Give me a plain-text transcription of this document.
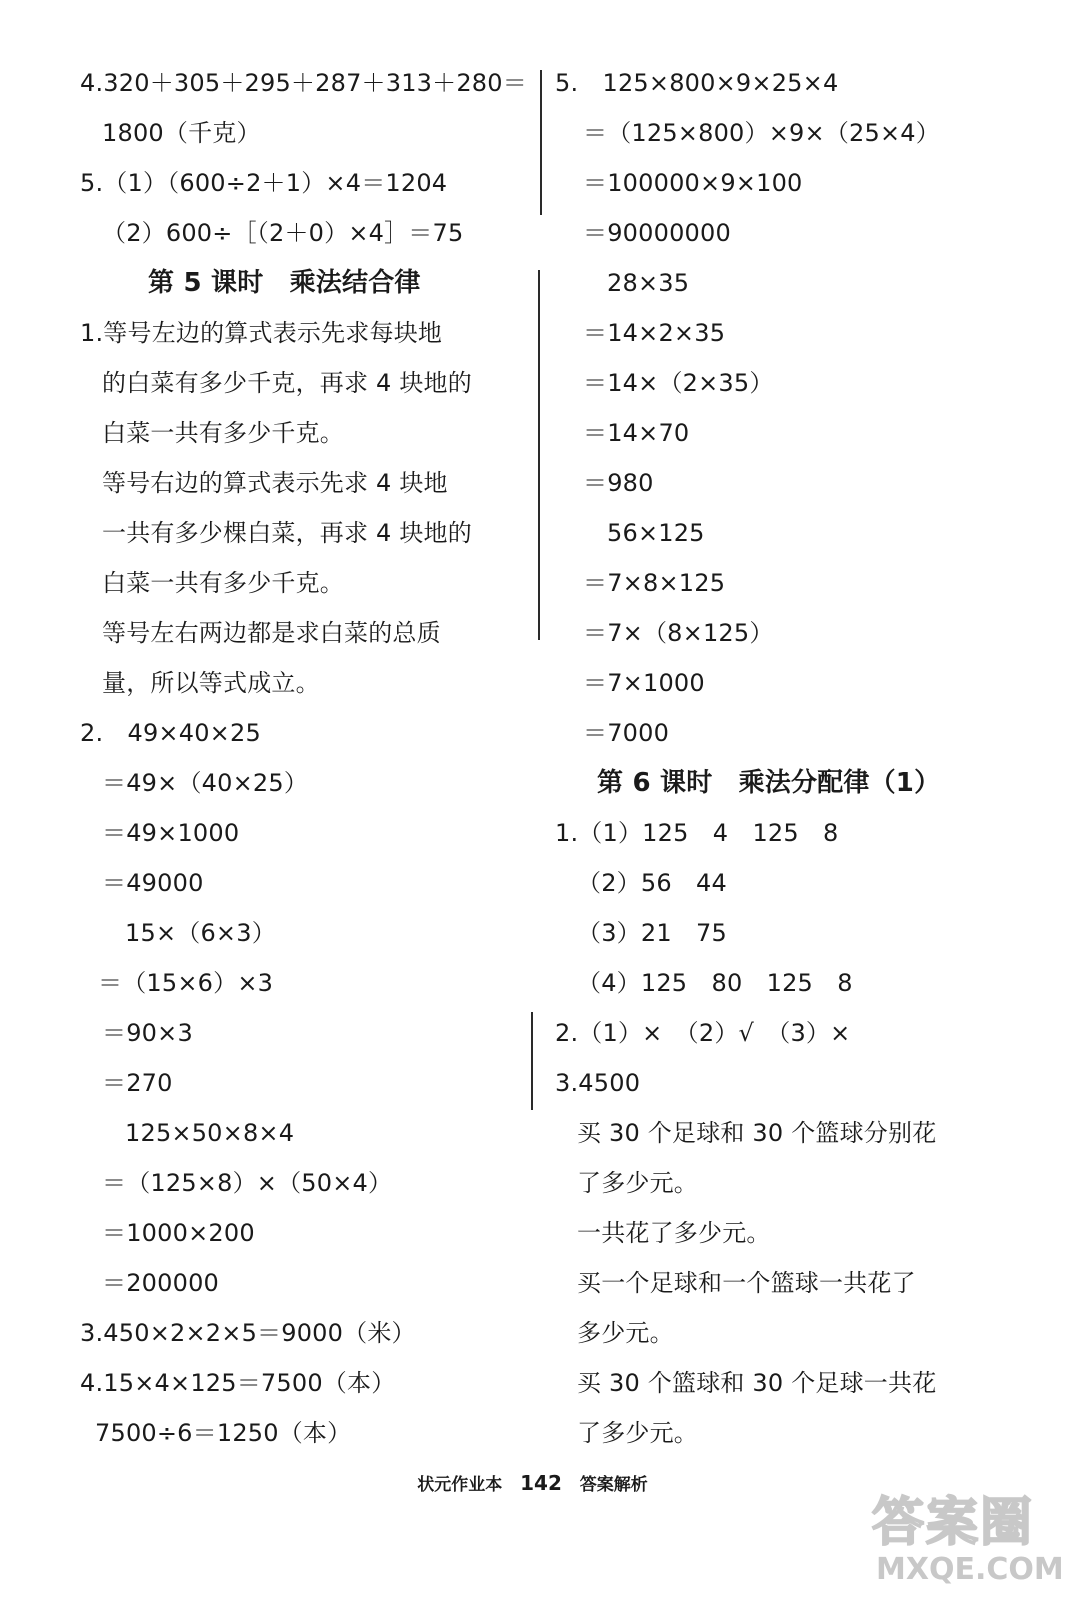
4.320＋305＋295＋287＋313＋280＝
1800（千克）
5.（1）（600÷2＋1）×4＝1204
（2）600÷［（2＋0）×4］＝75
第 5 课时　乘法结合律
1.等号左边的算式表示先求每块地
的白菜有多少千克，再求 4 块地的
白菜一共有多少千克。
等号右边的算式表示先求 4 块地
一共有多少棵白菜，再求 4 块地的
白菜一共有多少千克。
等号左右两边都是求白菜的总质
量，所以等式成立。
2.　49×40×25
＝49×（40×25）
＝49×1000
＝49000
15×（6×3）
＝（15×6）×3
＝90×3
＝270
125×50×8×4
＝（125×8）×（50×4）
＝1000×200
＝200000
3.450×2×2×5＝9000（米）
4.15×4×125＝7500（本）
7500÷6＝1250（本）
5.　125×800×9×25×4
＝（125×800）×9×（25×4）
＝100000×9×100
＝90000000
28×35
＝14×2×35
＝14×（2×35）
＝14×70
＝980
56×125
＝7×8×125
＝7×（8×125）
＝7×1000
＝7000
第 6 课时　乘法分配律（1）
1.（1）125　4　125　8
（2）56　44
（3）21　75
（4）125　80　125　8
2.（1）×　（2）√　（3）×
3.4500
买 30 个足球和 30 个篮球分别花
了多少元。
一共花了多少元。
买一个足球和一个篮球一共花了
多少元。
买 30 个篮球和 30 个足球一共花
了多少元。
状元作业本 142 答案解析
答案圈
MXQE.COM
